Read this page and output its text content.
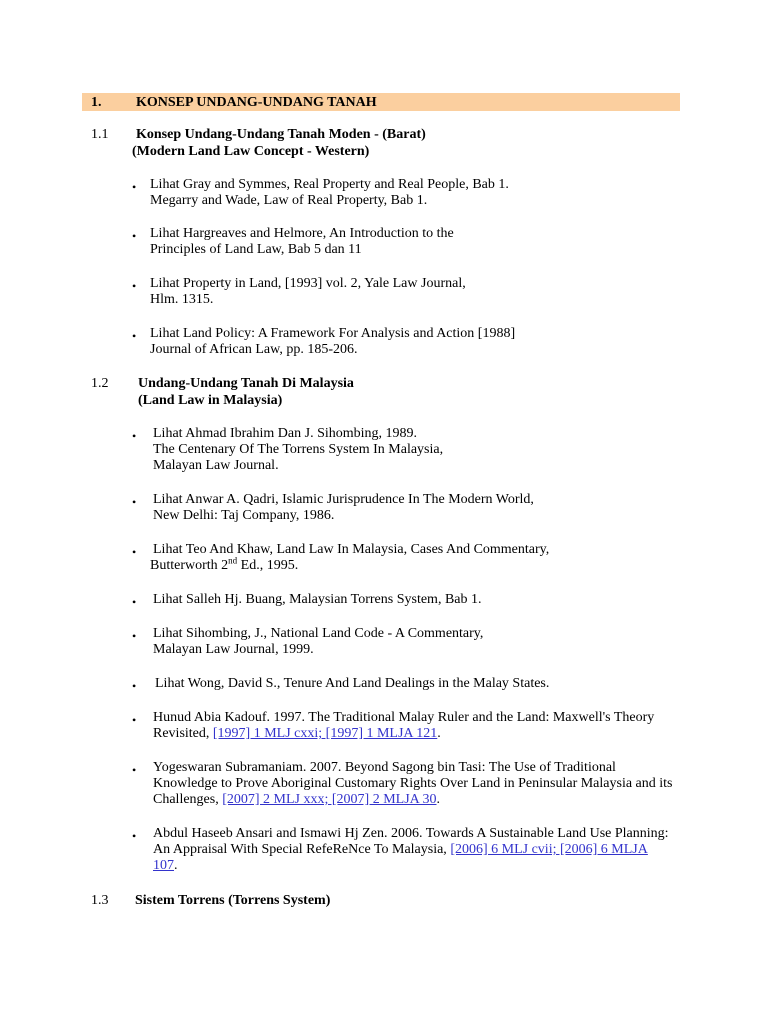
1. KONSEP UNDANG-UNDANG TANAH
1.1 Konsep Undang-Undang Tanah Moden - (Barat)
(Modern Land Law Concept - Western)
• Lihat Gray and Symmes, Real Property and Real People, Bab 1.
Megarry and Wade, Law of Real Property, Bab 1.
• Lihat Hargreaves and Helmore, An Introduction to the
Principles of Land Law, Bab 5 dan 11
• Lihat Property in Land, [1993] vol. 2, Yale Law Journal,
Hlm. 1315.
• Lihat Land Policy: A Framework For Analysis and Action [1988]
Journal of African Law, pp. 185-206.
1.2 Undang-Undang Tanah Di Malaysia
(Land Law in Malaysia)
•	Lihat Ahmad Ibrahim Dan J. Sihombing, 1989.
The Centenary Of The Torrens System In Malaysia,
Malayan Law Journal.
•	Lihat Anwar A. Qadri, Islamic Jurisprudence In The Modern World,
New Delhi: Taj Company, 1986.
•	Lihat Teo And Khaw, Land Law In Malaysia, Cases And Commentary,
Butterworth 2nd Ed., 1995.
•	Lihat Salleh Hj. Buang, Malaysian Torrens System, Bab 1.
•	Lihat Sihombing, J., National Land Code - A Commentary,
Malayan Law Journal, 1999.
•	Lihat Wong, David S., Tenure And Land Dealings in the Malay States.
•	Hunud Abia Kadouf. 1997. The Traditional Malay Ruler and the Land: Maxwell's Theory
Revisited, [1997] 1 MLJ cxxi; [1997] 1 MLJA 121.
•	Yogeswaran Subramaniam. 2007. Beyond Sagong bin Tasi: The Use of Traditional
Knowledge to Prove Aboriginal Customary Rights Over Land in Peninsular Malaysia and its
Challenges, [2007] 2 MLJ xxx; [2007] 2 MLJA 30.
•	Abdul Haseeb Ansari and Ismawi Hj Zen. 2006. Towards A Sustainable Land Use Planning:
An Appraisal With Special RefeReNce To Malaysia, [2006] 6 MLJ cvii; [2006] 6 MLJA
107.
1.3 Sistem Torrens (Torrens System)
